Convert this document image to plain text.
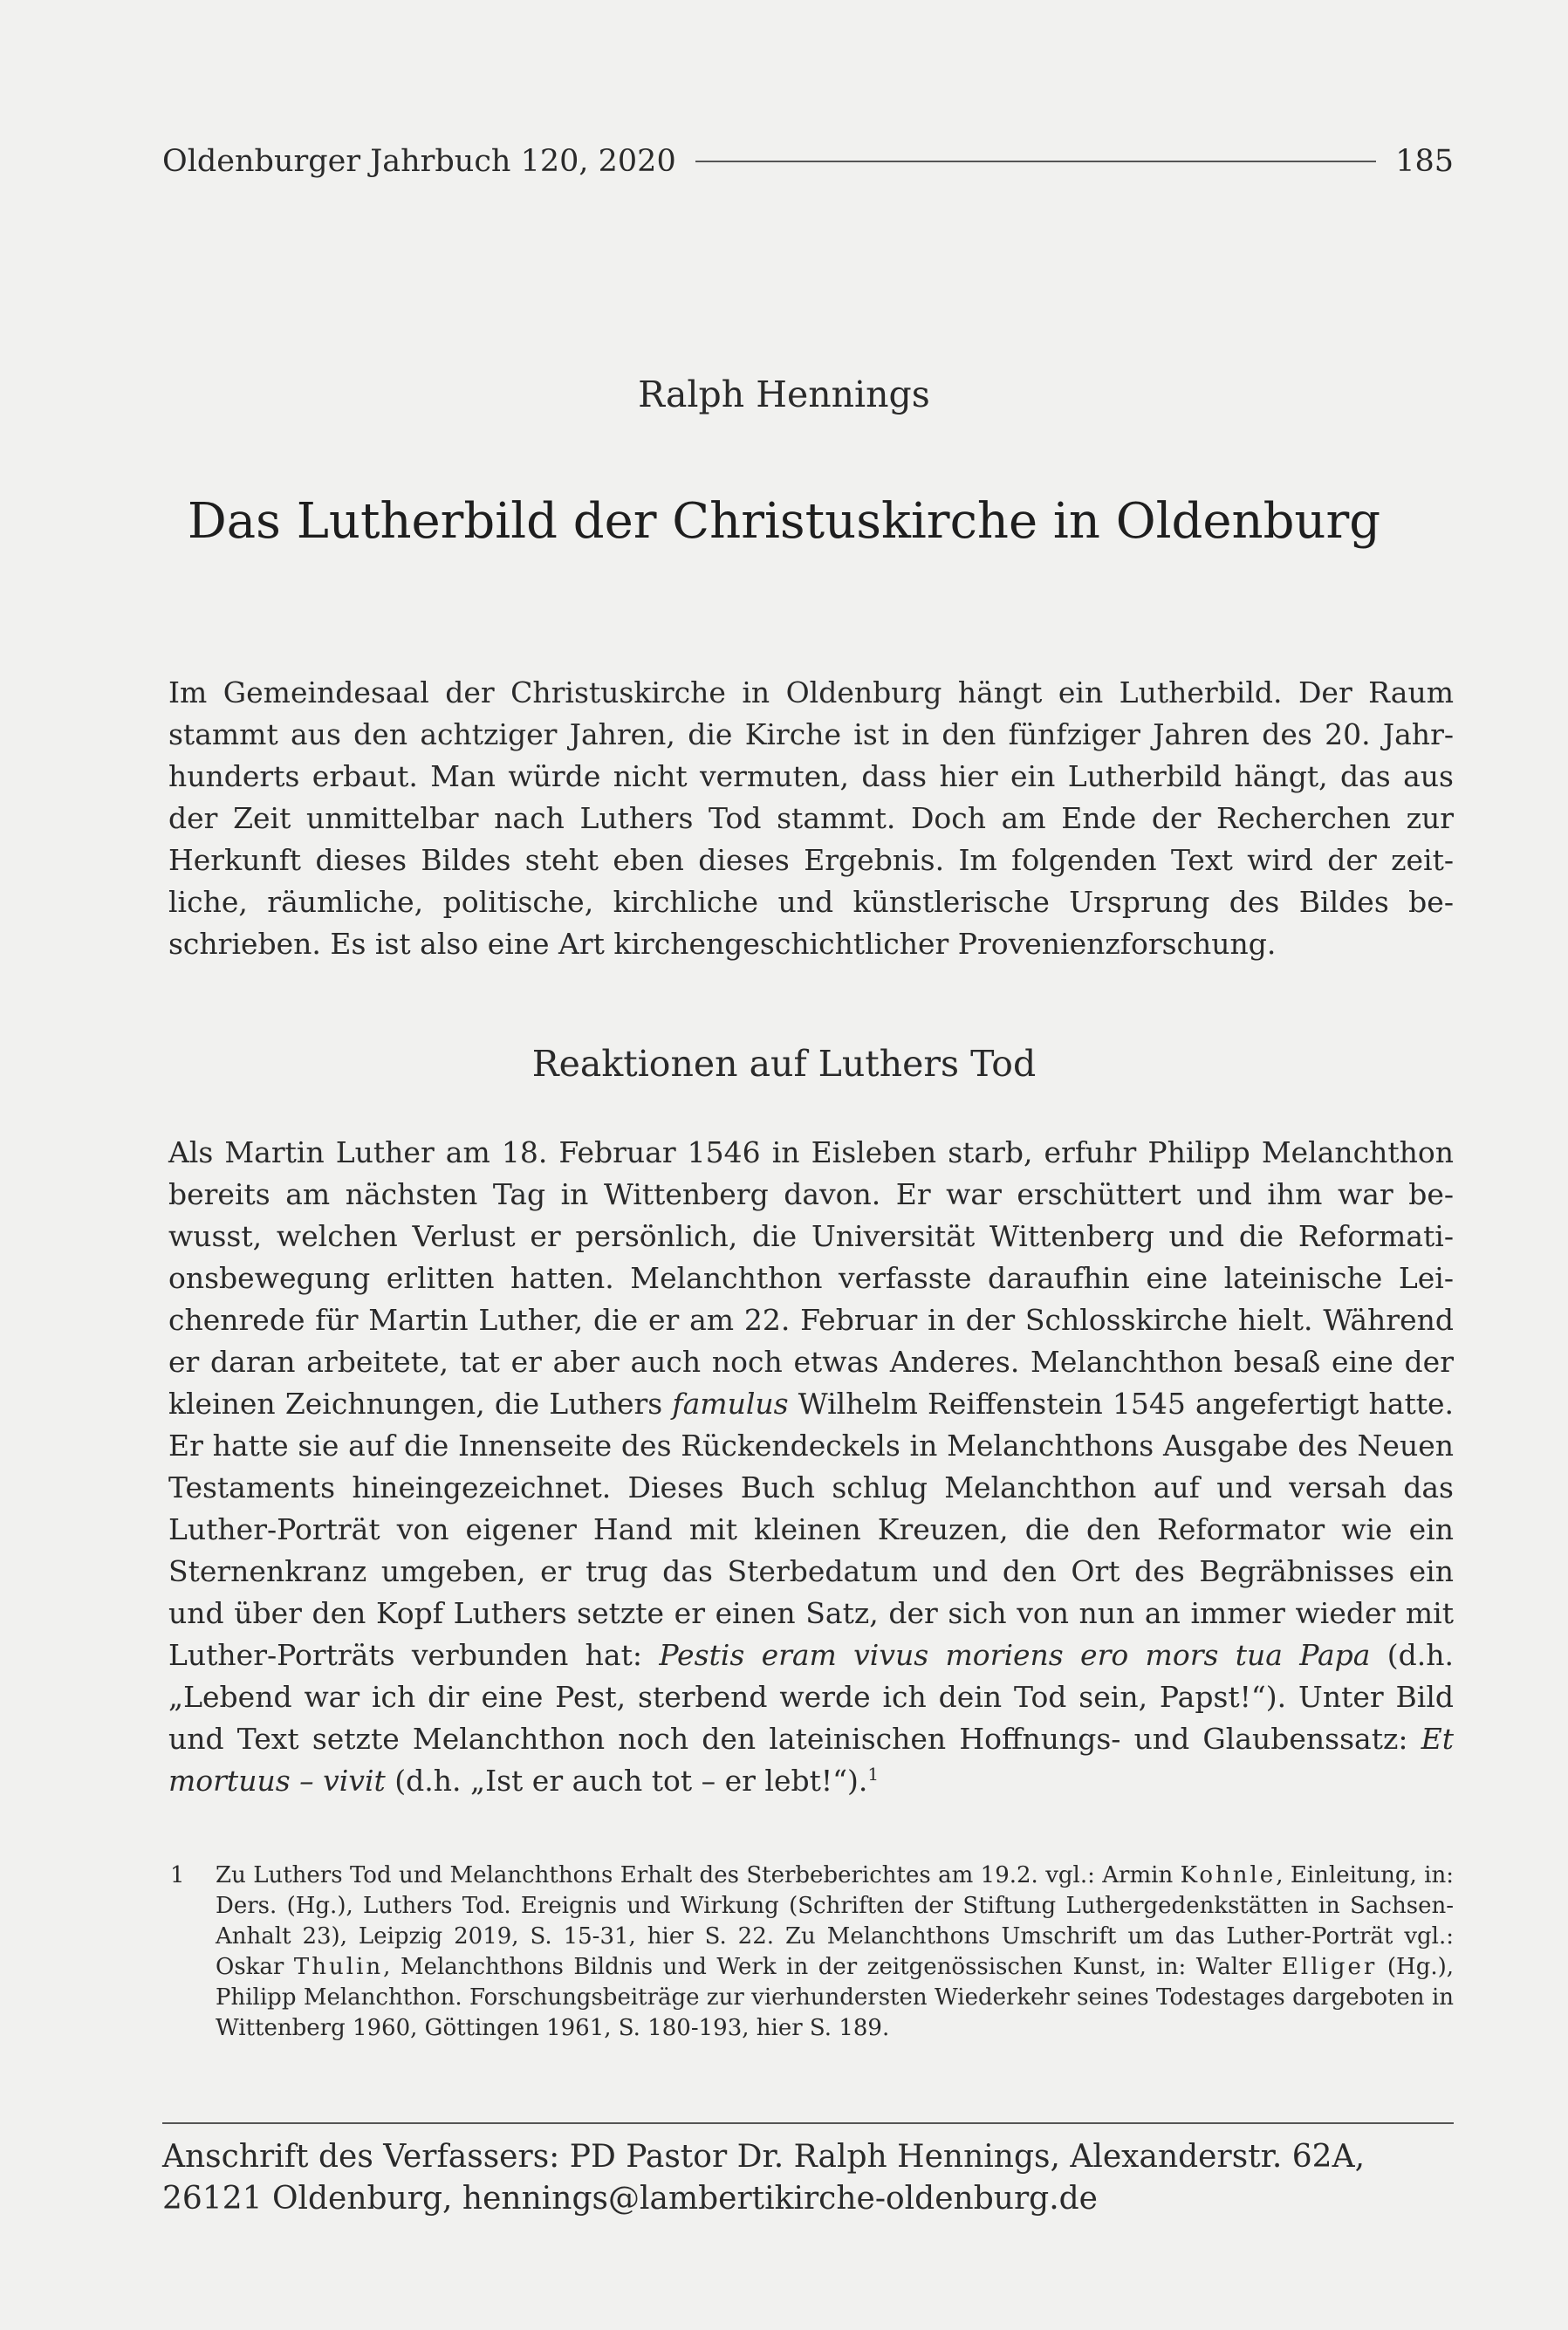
Oldenburger Jahrbuch 120, 2020	185
Ralph Hennings
Das Lutherbild der Christuskirche in Oldenburg

Im Gemeindesaal der Christuskirche in Oldenburg hängt ein Lutherbild. Der Raum stammt aus den achtziger Jahren, die Kirche ist in den fünfziger Jahren des 20. Jahrhunderts erbaut. Man würde nicht vermuten, dass hier ein Lutherbild hängt, das aus der Zeit unmittelbar nach Luthers Tod stammt. Doch am Ende der Recherchen zur Herkunft dieses Bildes steht eben dieses Ergebnis. Im folgenden Text wird der zeitliche, räumliche, politische, kirchliche und künstlerische Ursprung des Bildes beschrieben. Es ist also eine Art kirchengeschichtlicher Provenienzforschung.

Reaktionen auf Luthers Tod

Als Martin Luther am 18. Februar 1546 in Eisleben starb, erfuhr Philipp Melanchthon bereits am nächsten Tag in Wittenberg davon. Er war erschüttert und ihm war bewusst, welchen Verlust er persönlich, die Universität Wittenberg und die Reformationsbewegung erlitten hatten. Melanchthon verfasste daraufhin eine lateinische Leichenrede für Martin Luther, die er am 22. Februar in der Schlosskirche hielt. Während er daran arbeitete, tat er aber auch noch etwas Anderes. Melanchthon besaß eine der kleinen Zeichnungen, die Luthers famulus Wilhelm Reiffenstein 1545 angefertigt hatte. Er hatte sie auf die Innenseite des Rückendeckels in Melanchthons Ausgabe des Neuen Testaments hineingezeichnet. Dieses Buch schlug Melanchthon auf und versah das Luther-Porträt von eigener Hand mit kleinen Kreuzen, die den Reformator wie ein Sternenkranz umgeben, er trug das Sterbedatum und den Ort des Begräbnisses ein und über den Kopf Luthers setzte er einen Satz, der sich von nun an immer wieder mit Luther-Porträts verbunden hat: Pestis eram vivus moriens ero mors tua Papa (d.h. „Lebend war ich dir eine Pest, sterbend werde ich dein Tod sein, Papst!“). Unter Bild und Text setzte Melanchthon noch den lateinischen Hoffnungs- und Glaubenssatz: Et mortuus – vivit (d.h. „Ist er auch tot – er lebt!“).$^1$

1	Zu Luthers Tod und Melanchthons Erhalt des Sterbeberichtes am 19.2. vgl.: Armin Kohnle, Einleitung, in: Ders. (Hg.), Luthers Tod. Ereignis und Wirkung (Schriften der Stiftung Luthergedenkstätten in Sachsen-Anhalt 23), Leipzig 2019, S. 15-31, hier S. 22. Zu Melanchthons Umschrift um das Luther-Porträt vgl.: Oskar Thulin, Melanchthons Bildnis und Werk in der zeitgenössischen Kunst, in: Walter Elliger (Hg.), Philipp Melanchthon. Forschungsbeiträge zur vierhundersten Wiederkehr seines Todestages dargeboten in Wittenberg 1960, Göttingen 1961, S. 180-193, hier S. 189.
Anschrift des Verfassers: PD Pastor Dr. Ralph Hennings, Alexanderstr. 62A, 26121 Oldenburg, hennings@lambertikirche-oldenburg.de
